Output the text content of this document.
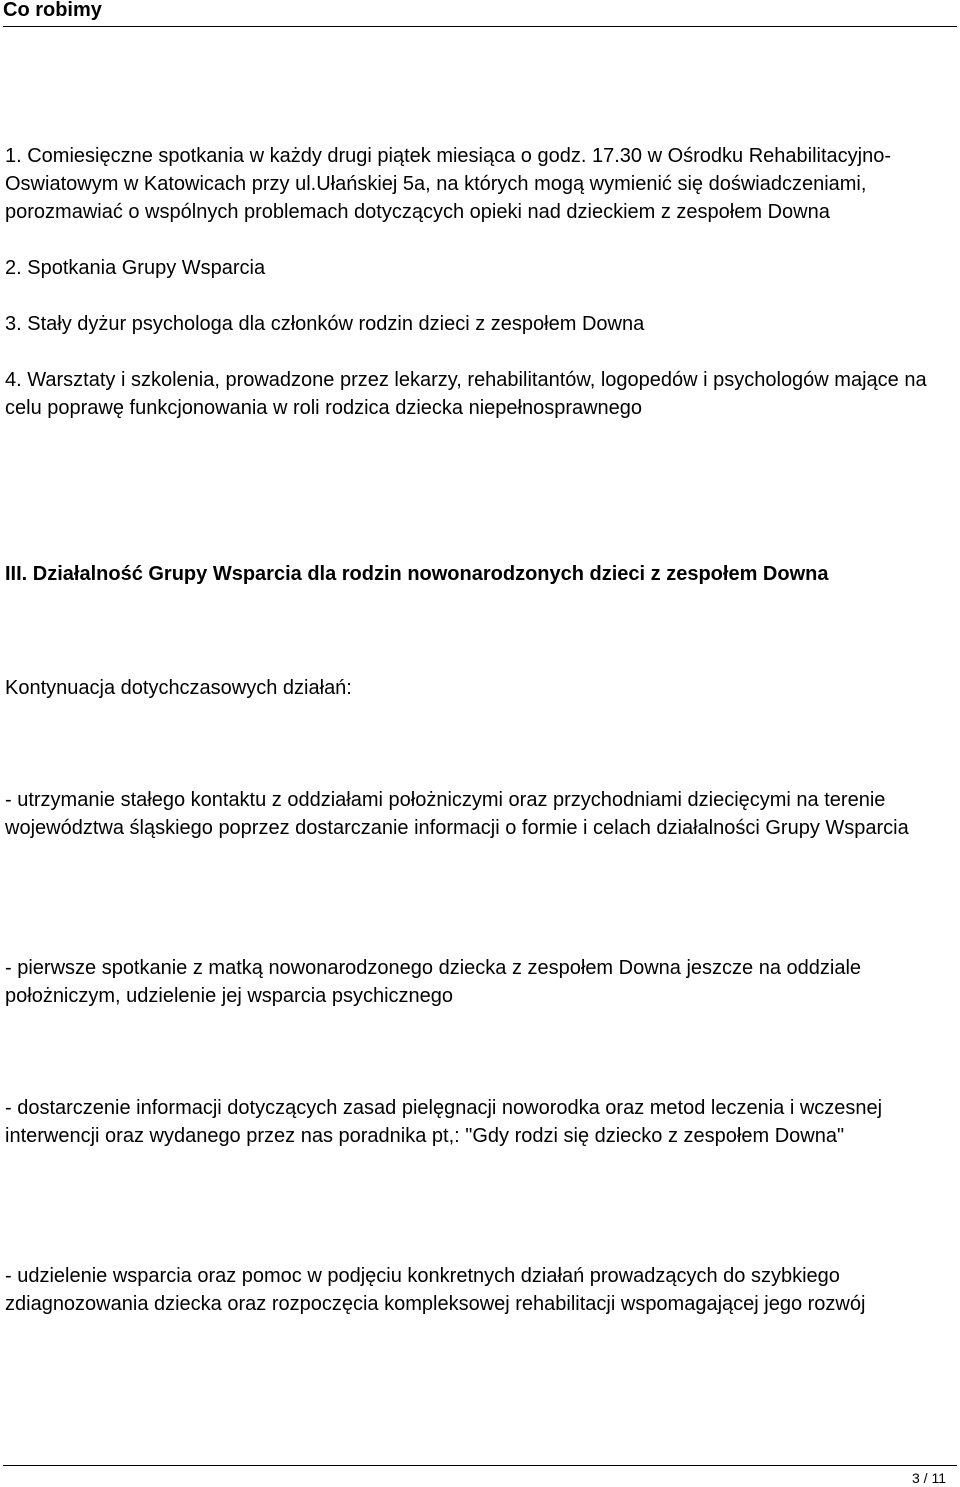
Co robimy

1. Comiesięczne spotkania w każdy drugi piątek miesiąca o godz. 17.30 w Ośrodku Rehabilitacyjno-Oswiatowym w Katowicach przy ul.Ułańskiej 5a, na których mogą wymienić się doświadczeniami, porozmawiać o wspólnych problemach dotyczących opieki nad dzieckiem z zespołem Downa

2. Spotkania Grupy Wsparcia

3. Stały dyżur psychologa dla członków rodzin dzieci z zespołem Downa

4. Warsztaty i szkolenia, prowadzone przez lekarzy, rehabilitantów, logopedów i psychologów mające na celu poprawę funkcjonowania w roli rodzica dziecka niepełnosprawnego

III. Działalność Grupy Wsparcia dla rodzin nowonarodzonych dzieci z zespołem Downa

Kontynuacja dotychczasowych działań:

- utrzymanie stałego kontaktu z oddziałami położniczymi oraz przychodniami dziecięcymi na terenie województwa śląskiego poprzez dostarczanie informacji o formie i celach działalności Grupy Wsparcia

- pierwsze spotkanie z matką nowonarodzonego dziecka z zespołem Downa jeszcze na oddziale położniczym, udzielenie jej wsparcia psychicznego

- dostarczenie informacji dotyczących zasad pielęgnacji noworodka oraz metod leczenia i wczesnej interwencji oraz wydanego przez nas poradnika pt,: "Gdy rodzi się dziecko z zespołem Downa"

- udzielenie wsparcia oraz pomoc w podjęciu konkretnych działań prowadzących do szybkiego zdiagnozowania dziecka oraz rozpoczęcia kompleksowej rehabilitacji wspomagającej jego rozwój

3 / 11
